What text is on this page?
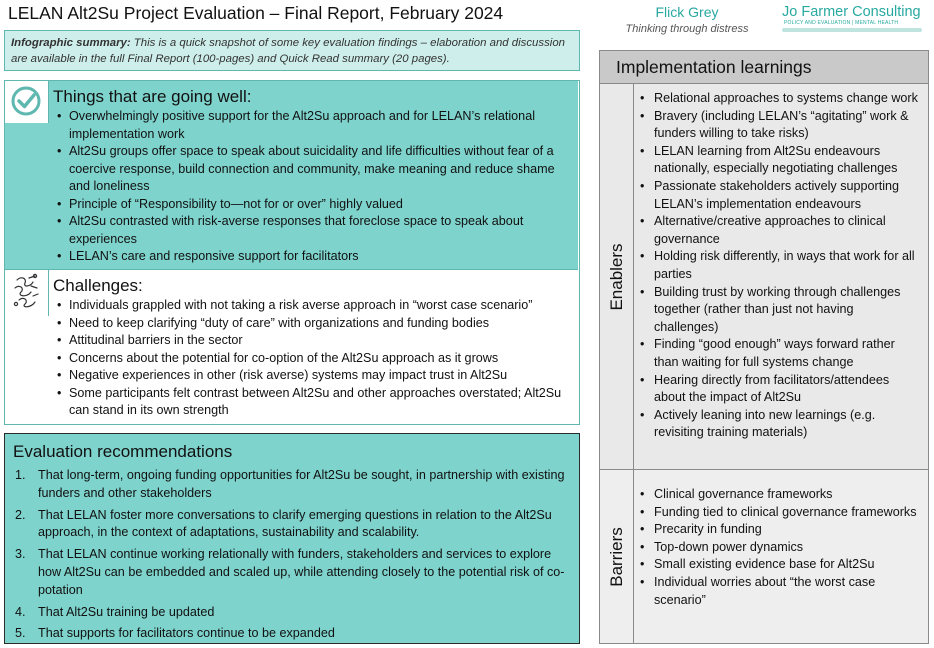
LELAN Alt2Su Project Evaluation – Final Report, February 2024
Infographic summary: This is a quick snapshot of some key evaluation findings – elaboration and discussion are available in the full Final Report (100-pages) and Quick Read summary (20 pages).
Flick Grey
Thinking through distress
Jo Farmer Consulting
POLICY AND EVALUATION | MENTAL HEALTH
Things that are going well:
• Overwhelmingly positive support for the Alt2Su approach and for LELAN’s relational implementation work
• Alt2Su groups offer space to speak about suicidality and life difficulties without fear of a coercive response, build connection and community, make meaning and reduce shame and loneliness
• Principle of “Responsibility to—not for or over” highly valued
• Alt2Su contrasted with risk-averse responses that foreclose space to speak about experiences
• LELAN’s care and responsive support for facilitators
Challenges:
• Individuals grappled with not taking a risk averse approach in “worst case scenario”
• Need to keep clarifying “duty of care” with organizations and funding bodies
• Attitudinal barriers in the sector
• Concerns about the potential for co-option of the Alt2Su approach as it grows
• Negative experiences in other (risk averse) systems may impact trust in Alt2Su
• Some participants felt contrast between Alt2Su and other approaches overstated; Alt2Su can stand in its own strength
Evaluation recommendations
1. That long-term, ongoing funding opportunities for Alt2Su be sought, in partnership with existing funders and other stakeholders
2. That LELAN foster more conversations to clarify emerging questions in relation to the Alt2Su approach, in the context of adaptations, sustainability and scalability.
3. That LELAN continue working relationally with funders, stakeholders and services to explore how Alt2Su can be embedded and scaled up, while attending closely to the potential risk of co-potation
4. That Alt2Su training be updated
5. That supports for facilitators continue to be expanded
Implementation learnings
Enablers
• Relational approaches to systems change work
• Bravery (including LELAN’s “agitating” work & funders willing to take risks)
• LELAN learning from Alt2Su endeavours nationally, especially negotiating challenges
• Passionate stakeholders actively supporting LELAN’s implementation endeavours
• Alternative/creative approaches to clinical governance
• Holding risk differently, in ways that work for all parties
• Building trust by working through challenges together (rather than just not having challenges)
• Finding “good enough” ways forward rather than waiting for full systems change
• Hearing directly from facilitators/attendees about the impact of Alt2Su
• Actively leaning into new learnings (e.g. revisiting training materials)
Barriers
• Clinical governance frameworks
• Funding tied to clinical governance frameworks
• Precarity in funding
• Top-down power dynamics
• Small existing evidence base for Alt2Su
• Individual worries about “the worst case scenario”
